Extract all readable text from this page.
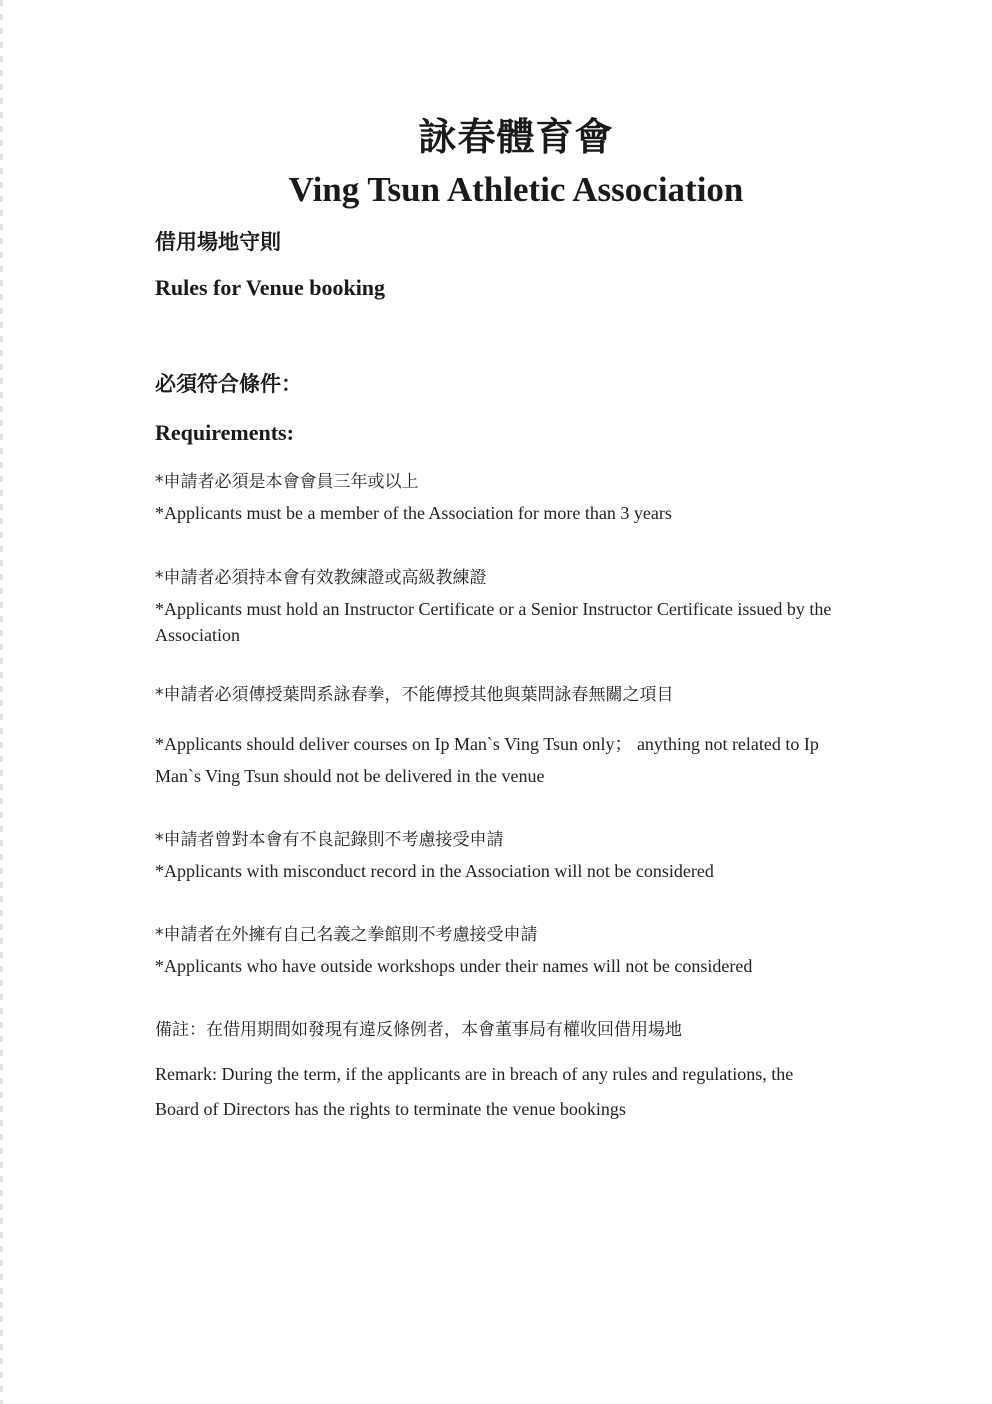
詠春體育會
Ving Tsun Athletic Association
借用場地守則
Rules for Venue booking
必須符合條件：
Requirements:
*申請者必須是本會會員三年或以上
*Applicants must be a member of the Association for more than 3 years
*申請者必須持本會有效教練證或高級教練證
*Applicants must hold an Instructor Certificate or a Senior Instructor Certificate issued by the Association
*申請者必須傳授葉問系詠春拳，不能傳授其他與葉問詠春無關之項目
*Applicants should deliver courses on Ip Man`s Ving Tsun only； anything not related to Ip
Man`s Ving Tsun should not be delivered in the venue
*申請者曾對本會有不良記錄則不考慮接受申請
*Applicants with misconduct record in the Association will not be considered
*申請者在外擁有自己名義之拳館則不考慮接受申請
*Applicants who have outside workshops under their names will not be considered
備註：在借用期間如發現有違反條例者，本會董事局有權收回借用場地
Remark: During the term, if the applicants are in breach of any rules and regulations, the
Board of Directors has the rights to terminate the venue bookings
